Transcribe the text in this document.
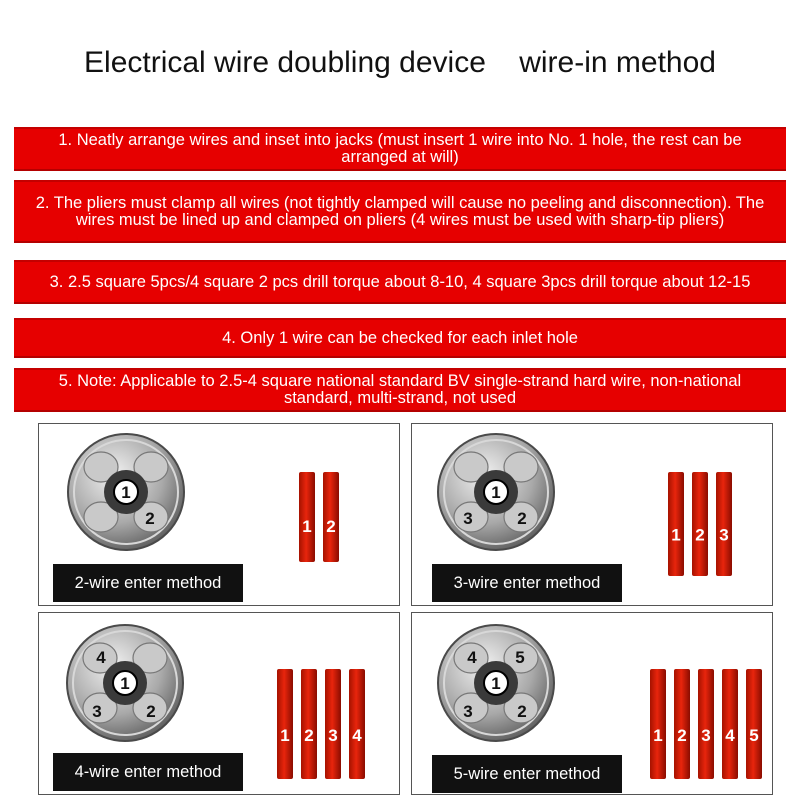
Electrical wire doubling device    wire-in method
1. Neatly arrange wires and inset into jacks (must insert 1 wire into No. 1 hole, the rest can be arranged at will)
2. The pliers must clamp all wires (not tightly clamped will cause no peeling and disconnection). The wires must be lined up and clamped on pliers (4 wires must be used with sharp-tip pliers)
3. 2.5 square 5pcs/4 square 2 pcs drill torque about 8-10, 4 square 3pcs drill torque about 12-15
4. Only 1 wire can be checked for each inlet hole
5. Note: Applicable to 2.5-4 square national standard BV single-strand hard wire, non-national standard, multi-strand, not used
1
2	1 2
2-wire enter method
1
2
3
1 2 3
3-wire enter method
1
2
3
4
1 2 3 4
4-wire enter method
1
2
3
4 5
1 2 3 4 5
5-wire enter method
